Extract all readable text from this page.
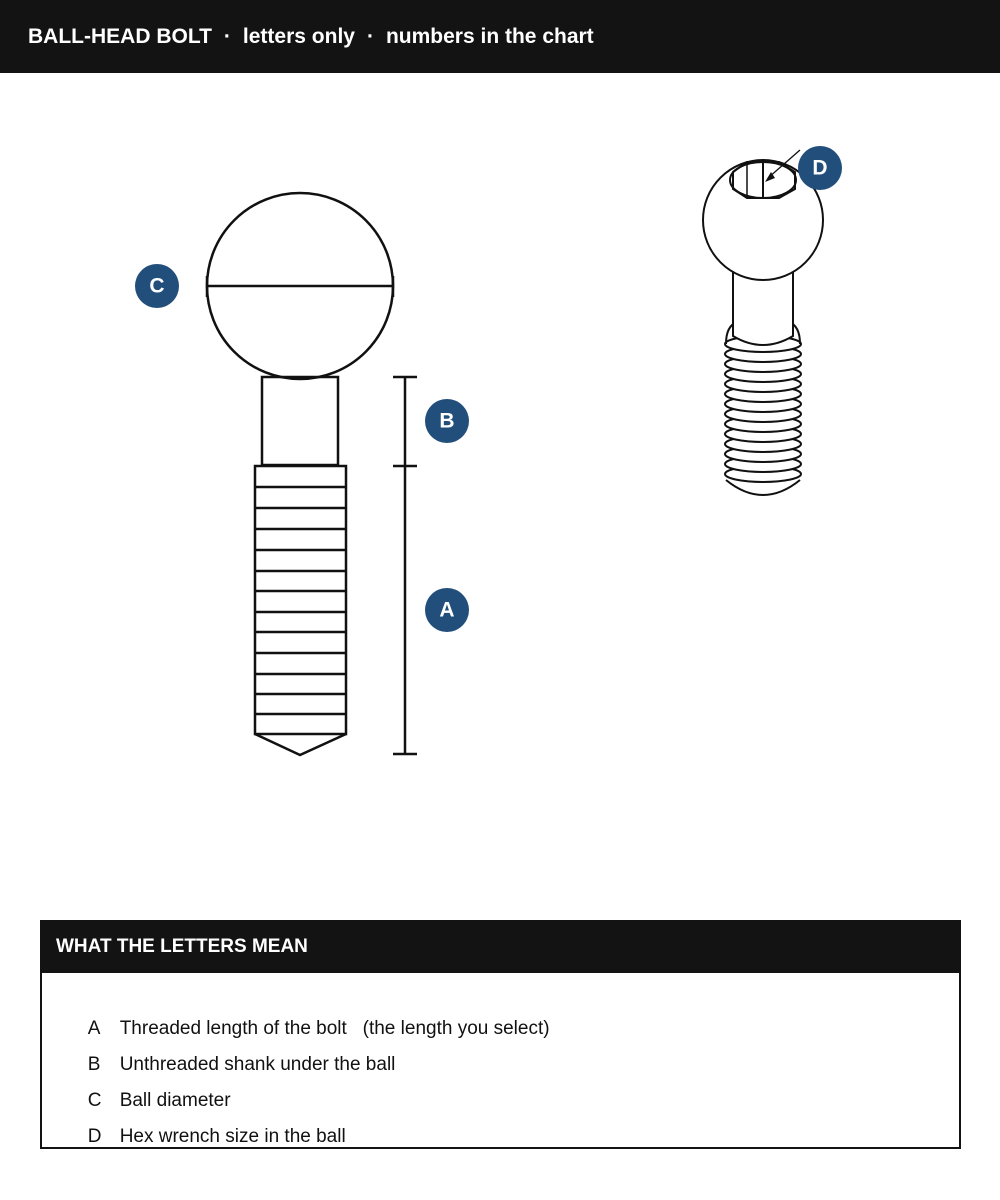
BALL-HEAD BOLT · letters only · numbers in the chart
C
B
A
D
WHAT THE LETTERS MEAN

A Threaded length of the bolt   (the length you select)

B Unthreaded shank under the ball

C Ball diameter

D Hex wrench size in the ball
